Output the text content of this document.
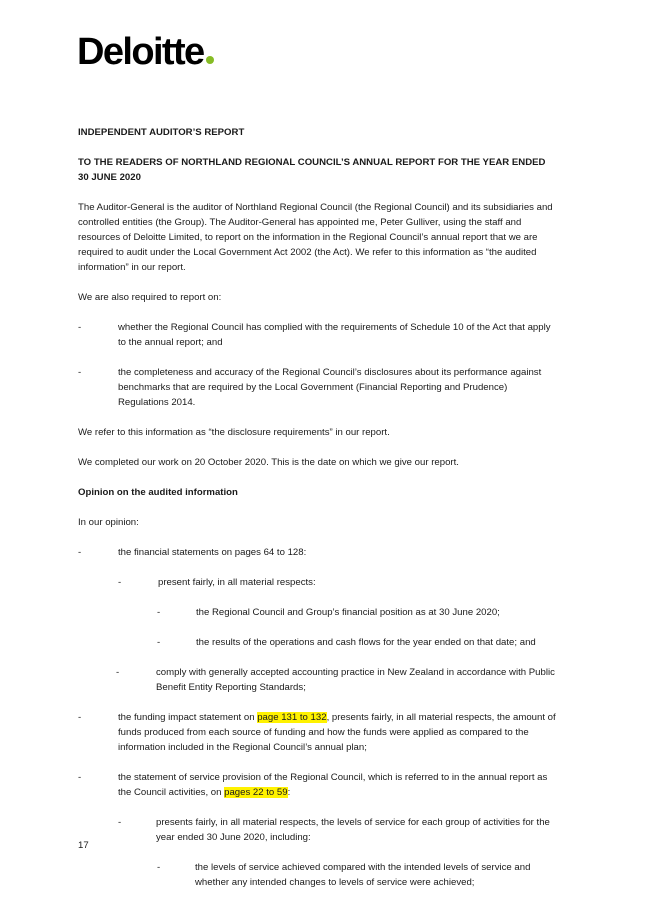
Deloitte

INDEPENDENT AUDITOR’S REPORT

TO THE READERS OF NORTHLAND REGIONAL COUNCIL’S ANNUAL REPORT FOR THE YEAR ENDED 30 JUNE 2020

The Auditor-General is the auditor of Northland Regional Council (the Regional Council) and its subsidiaries and controlled entities (the Group). The Auditor-General has appointed me, Peter Gulliver, using the staff and resources of Deloitte Limited, to report on the information in the Regional Council’s annual report that we are required to audit under the Local Government Act 2002 (the Act). We refer to this information as “the audited information” in our report.

We are also required to report on:

-	whether the Regional Council has complied with the requirements of Schedule 10 of the Act that apply to the annual report; and

-	the completeness and accuracy of the Regional Council’s disclosures about its performance against benchmarks that are required by the Local Government (Financial Reporting and Prudence) Regulations 2014.

We refer to this information as “the disclosure requirements” in our report.

We completed our work on 20 October 2020. This is the date on which we give our report.

Opinion on the audited information

In our opinion:

-	the financial statements on pages 64 to 128:

-	present fairly, in all material respects:

-	the Regional Council and Group’s financial position as at 30 June 2020;

-	the results of the operations and cash flows for the year ended on that date; and

-	comply with generally accepted accounting practice in New Zealand in accordance with Public Benefit Entity Reporting Standards;

-	the funding impact statement on page 131 to 132, presents fairly, in all material respects, the amount of funds produced from each source of funding and how the funds were applied as compared to the information included in the Regional Council’s annual plan;

-	the statement of service provision of the Regional Council, which is referred to in the annual report as the Council activities, on pages 22 to 59:

-	presents fairly, in all material respects, the levels of service for each group of activities for the year ended 30 June 2020, including:

-	the levels of service achieved compared with the intended levels of service and whether any intended changes to levels of service were achieved;

17
